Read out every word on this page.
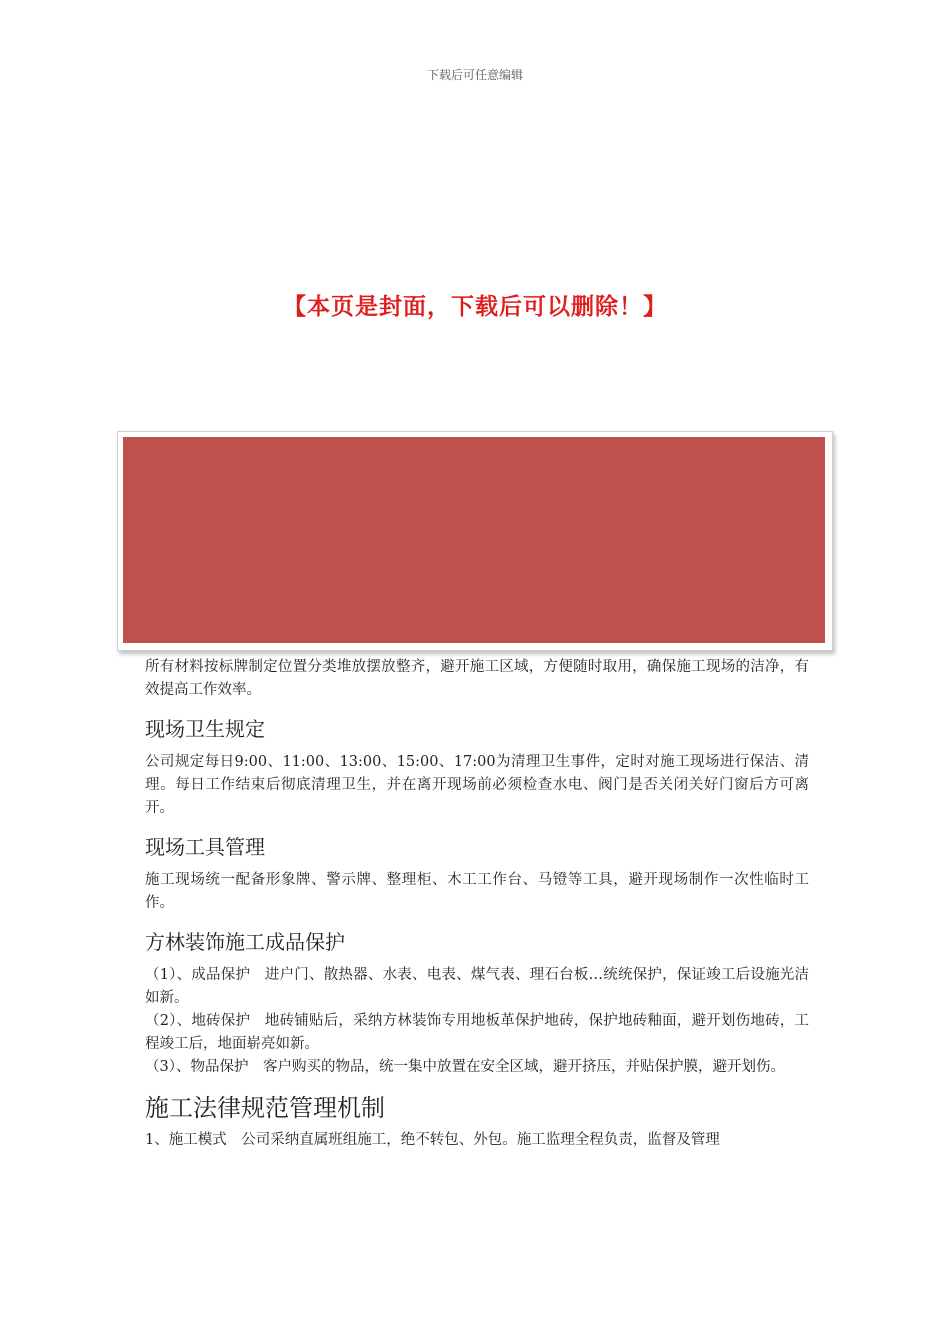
下载后可任意编辑
【本页是封面，下载后可以删除！】

所有材料按标牌制定位置分类堆放摆放整齐，避开施工区域，方便随时取用，确保施工现场的洁净，有效提高工作效率。

现场卫生规定

公司规定每日9:00、11:00、13:00、15:00、17:00为清理卫生事件，定时对施工现场进行保洁、清理。每日工作结束后彻底清理卫生，并在离开现场前必须检查水电、阀门是否关闭关好门窗后方可离开。

现场工具管理

施工现场统一配备形象牌、警示牌、整理柜、木工工作台、马镫等工具，避开现场制作一次性临时工作。

方林装饰施工成品保护

（1）、成品保护　进户门、散热器、水表、电表、煤气表、理石台板…统统保护，保证竣工后设施光洁如新。

（2）、地砖保护　地砖铺贴后，采纳方林装饰专用地板革保护地砖，保护地砖釉面，避开划伤地砖，工程竣工后，地面崭亮如新。

（3）、物品保护　客户购买的物品，统一集中放置在安全区域，避开挤压，并贴保护膜，避开划伤。

施工法律规范管理机制

1、施工模式　公司采纳直属班组施工，绝不转包、外包。施工监理全程负责，监督及管理
